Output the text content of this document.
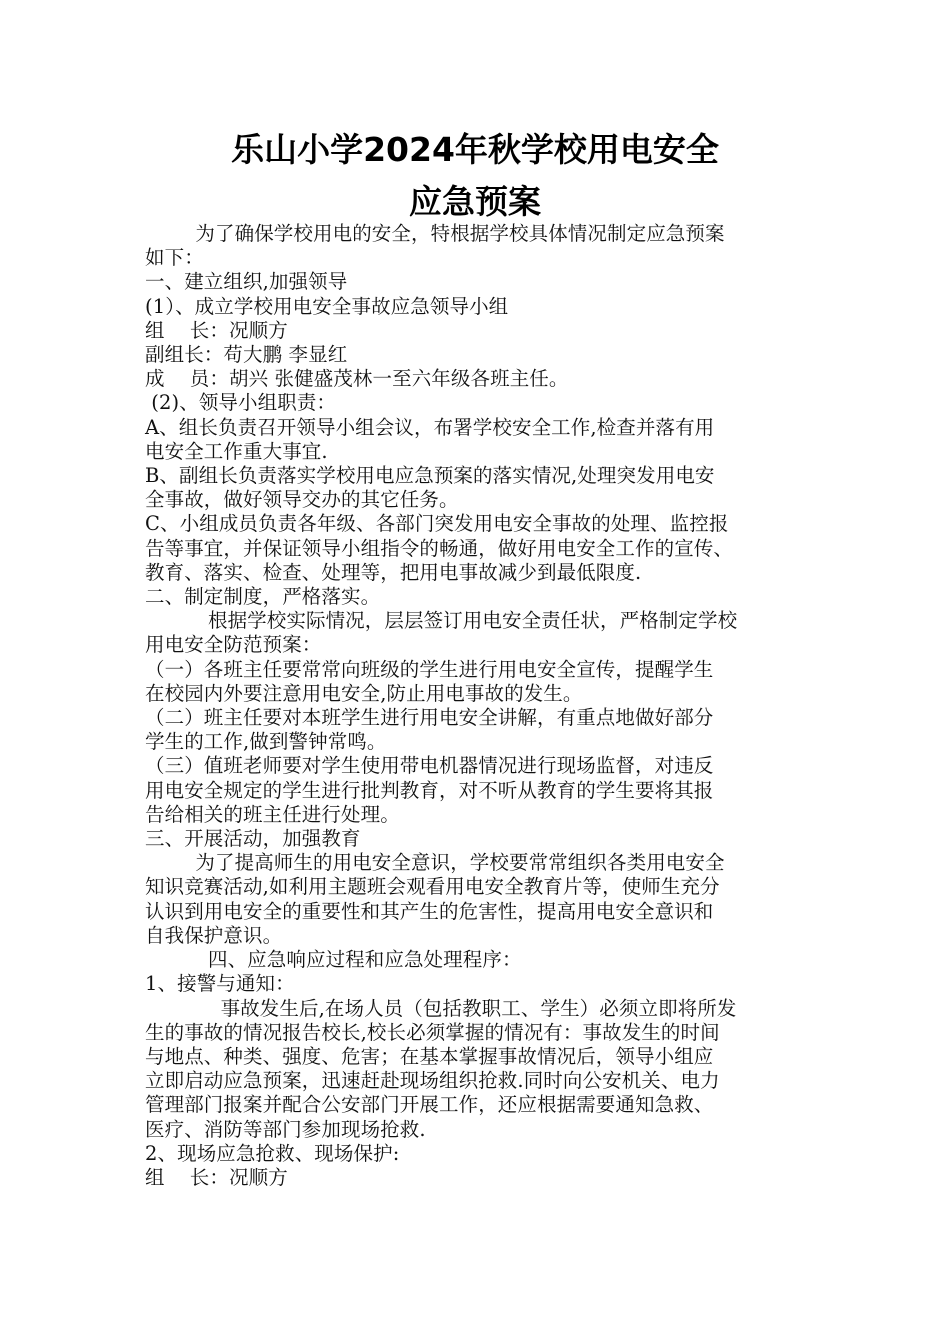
乐山小学2024年秋学校用电安全
应急预案

为了确保学校用电的安全，特根据学校具体情况制定应急预案

如下：

一、建立组织,加强领导

(1）、成立学校用电安全事故应急领导小组

组    长：况顺方

副组长：苟大鹏 李显红

成    员：胡兴 张健盛茂林一至六年级各班主任。

(2)、领导小组职责：

A、组长负责召开领导小组会议，布署学校安全工作,检查并落有用

电安全工作重大事宜.

B、副组长负责落实学校用电应急预案的落实情况,处理突发用电安

全事故，做好领导交办的其它任务。

C、小组成员负责各年级、各部门突发用电安全事故的处理、监控报

告等事宜，并保证领导小组指令的畅通，做好用电安全工作的宣传、

教育、落实、检查、处理等，把用电事故减少到最低限度.

二、制定制度，严格落实。

根据学校实际情况，层层签订用电安全责任状，严格制定学校

用电安全防范预案：

（一）各班主任要常常向班级的学生进行用电安全宣传，提醒学生

在校园内外要注意用电安全,防止用电事故的发生。

（二）班主任要对本班学生进行用电安全讲解，有重点地做好部分

学生的工作,做到警钟常鸣。

（三）值班老师要对学生使用带电机器情况进行现场监督，对违反

用电安全规定的学生进行批判教育，对不听从教育的学生要将其报

告给相关的班主任进行处理。

三、开展活动，加强教育

为了提高师生的用电安全意识，学校要常常组织各类用电安全

知识竞赛活动,如利用主题班会观看用电安全教育片等，使师生充分

认识到用电安全的重要性和其产生的危害性，提高用电安全意识和

自我保护意识。

四、应急响应过程和应急处理程序：

1、接警与通知：

事故发生后,在场人员（包括教职工、学生）必须立即将所发

生的事故的情况报告校长,校长必须掌握的情况有：事故发生的时间

与地点、种类、强度、危害；在基本掌握事故情况后，领导小组应

立即启动应急预案，迅速赶赴现场组织抢救.同时向公安机关、电力

管理部门报案并配合公安部门开展工作，还应根据需要通知急救、

医疗、消防等部门参加现场抢救.

2、现场应急抢救、现场保护:

组    长：况顺方
